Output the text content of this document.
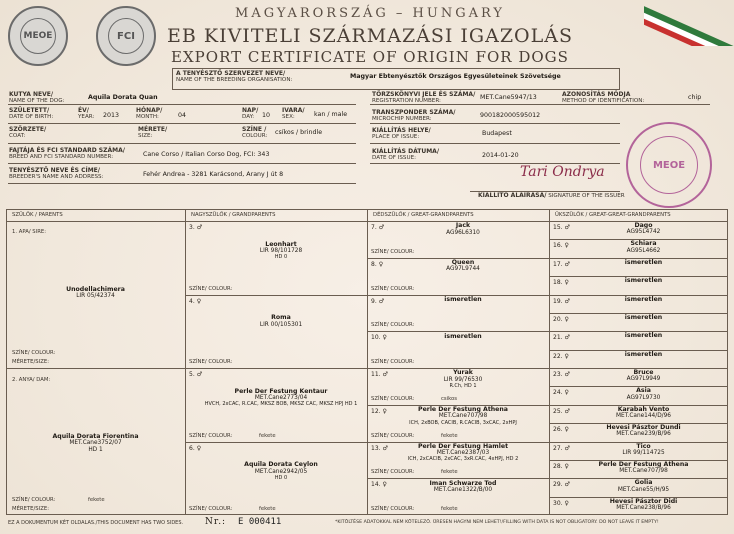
MEOE	FCI
MAGYARORSZÁG – HUNGARY
EB KIVITELI SZÁRMAZÁSI IGAZOLÁS
EXPORT CERTIFICATE OF ORIGIN FOR DOGS
A TENYÉSZTŐ SZERVEZET NEVE/
NAME OF THE BREEDING ORGANISATION:	Magyar Ebtenyésztők Országos Egyesületeinek Szövetsége
KUTYA NEVE/
NAME OF THE DOG:	Aquila Dorata Quan
SZÜLETETT/
DATE OF BIRTH:
ÉV/
YEAR: 2013
HÓNAP/
MONTH:	04
NAP/
DAY:	10
IVARA/
SEX:	kan / male
SZŐRZETE/
COAT:
MÉRETE/
SIZE:
SZÍNE /
COLOUR: csíkos / brindle
FAJTÁJA ÉS FCI STANDARD SZÁMA/
BREED AND FCI STANDARD NUMBER:	Cane Corso / Italian Corso Dog, FCI: 343
TENYÉSZTŐ NEVE ÉS CÍME/
BREEDER'S NAME AND ADDRESS:	Fehér Andrea - 3281 Karácsond, Arany J út 8
TÖRZSKÖNYVI JELE ÉS SZÁMA/
REGISTRATION NUMBER:	MET.Cane5947/13	AZONOSÍTÁS MÓDJA
METHOD OF IDENTIFICATION:	chip
TRANSZPONDER SZÁMA/
MICROCHIP NUMBER:	900182000595012
KIÁLLÍTÁS HELYE/
PLACE OF ISSUE:	Budapest
KIÁLLÍTÁS DÁTUMA/
DATE OF ISSUE:	2014-01-20
Tari Ondrya
KIÁLLÍTÓ ALÁÍRÁSA/ SIGNATURE OF THE ISSUER
MEOE
SZÜLŐK / PARENTS	NAGYSZÜLŐK / GRANDPARENTS	DÉDSZÜLŐK / GREAT-GRANDPARENTS	ÜKSZÜLŐK / GREAT-GREAT-GRANDPARENTS
1. APA/ SIRE:
Unodellachimera
LIR 05/42374
SZÍNE/ COLOUR:
MÉRETE/SIZE:
2. ANYA/ DAM:
Aquila Dorata Fiorentina
MET.Cane3752/07
HD 1
SZÍNE/ COLOUR:	fekete
MÉRETE/SIZE:
EZ A DOKUMENTUM KÉT OLDALAS./THIS DOCUMENT HAS TWO SIDES. Nr.: E 000411	*KITÖLTÉSE ADATOKKAL NEM KÖTELEZŐ. ÜRESEN HAGYNI NEM LEHET!/FILLING WITH DATA IS NOT OBLIGATORY. DO NOT LEAVE IT EMPTY!
3. ♂
Leonhart
LIR 98/101728
HD 0
SZÍNE/ COLOUR:
4. ♀
Roma
LIR 00/105301
SZÍNE/ COLOUR:
5. ♂
Perle Der Festung Kentaur
MET.Cane2773/04
HVCH, 2xCAC, R.CAC, MKSZ BOB, MKSZ CAC, MKSZ HPJ HD 1
SZÍNE/ COLOUR:	fekete
6. ♀
Aquila Dorata Ceylon
MET.Cane2942/05
HD 0
SZÍNE/ COLOUR:	fekete
7. ♂	Jack
AG96L6310
SZÍNE/ COLOUR:
8. ♀	Queen
AG97L9744
SZÍNE/ COLOUR:
9. ♂	ismeretlen
SZÍNE/ COLOUR:
10. ♀	ismeretlen
SZÍNE/ COLOUR:
11. ♂	Yurak
LIR 99/76530
R.Ch, HD 1
SZÍNE/ COLOUR:	csikos
12. ♀	Perle Der Festung Athena
MET.Cane707/98
ICH, 2xBOB, CACIB, R.CACIB, 3xCAC, 2xHPJ
SZÍNE/ COLOUR:	fekete
13. ♂	Perle Der Festung Hamlet
MET.Cane2387/03
ICH, 2xCACIB, 2xCAC, 3xR.CAC, 4xHPJ, HD 2
SZÍNE/ COLOUR:	fekete
14. ♀	Iman Schwarze Tod
MET.Cane1322/B/00
SZÍNE/ COLOUR:	fekete
15. ♂	Dago
AG95L4742
16. ♀	Schiara
AG95L4662
17. ♂	ismeretlen
18. ♀	ismeretlen
19. ♂	ismeretlen
20. ♀	ismeretlen
21. ♂	ismeretlen
22. ♀	ismeretlen
23. ♂	Bruce
AG97L9949
24. ♀	Asia
AG97L9730
25. ♂	Karabah Vento
MET.Cane144/D/96
26. ♀	Hevesi Pásztor Dundi
MET.Cane239/B/96
27. ♂	Tico
LIR 99/114725
28. ♀	Perle Der Festung Athena
MET.Cane707/98
29. ♂	Golia
MET.Cane55/H/95
30. ♀	Hevesi Pásztor Didi
MET.Cane238/B/96
